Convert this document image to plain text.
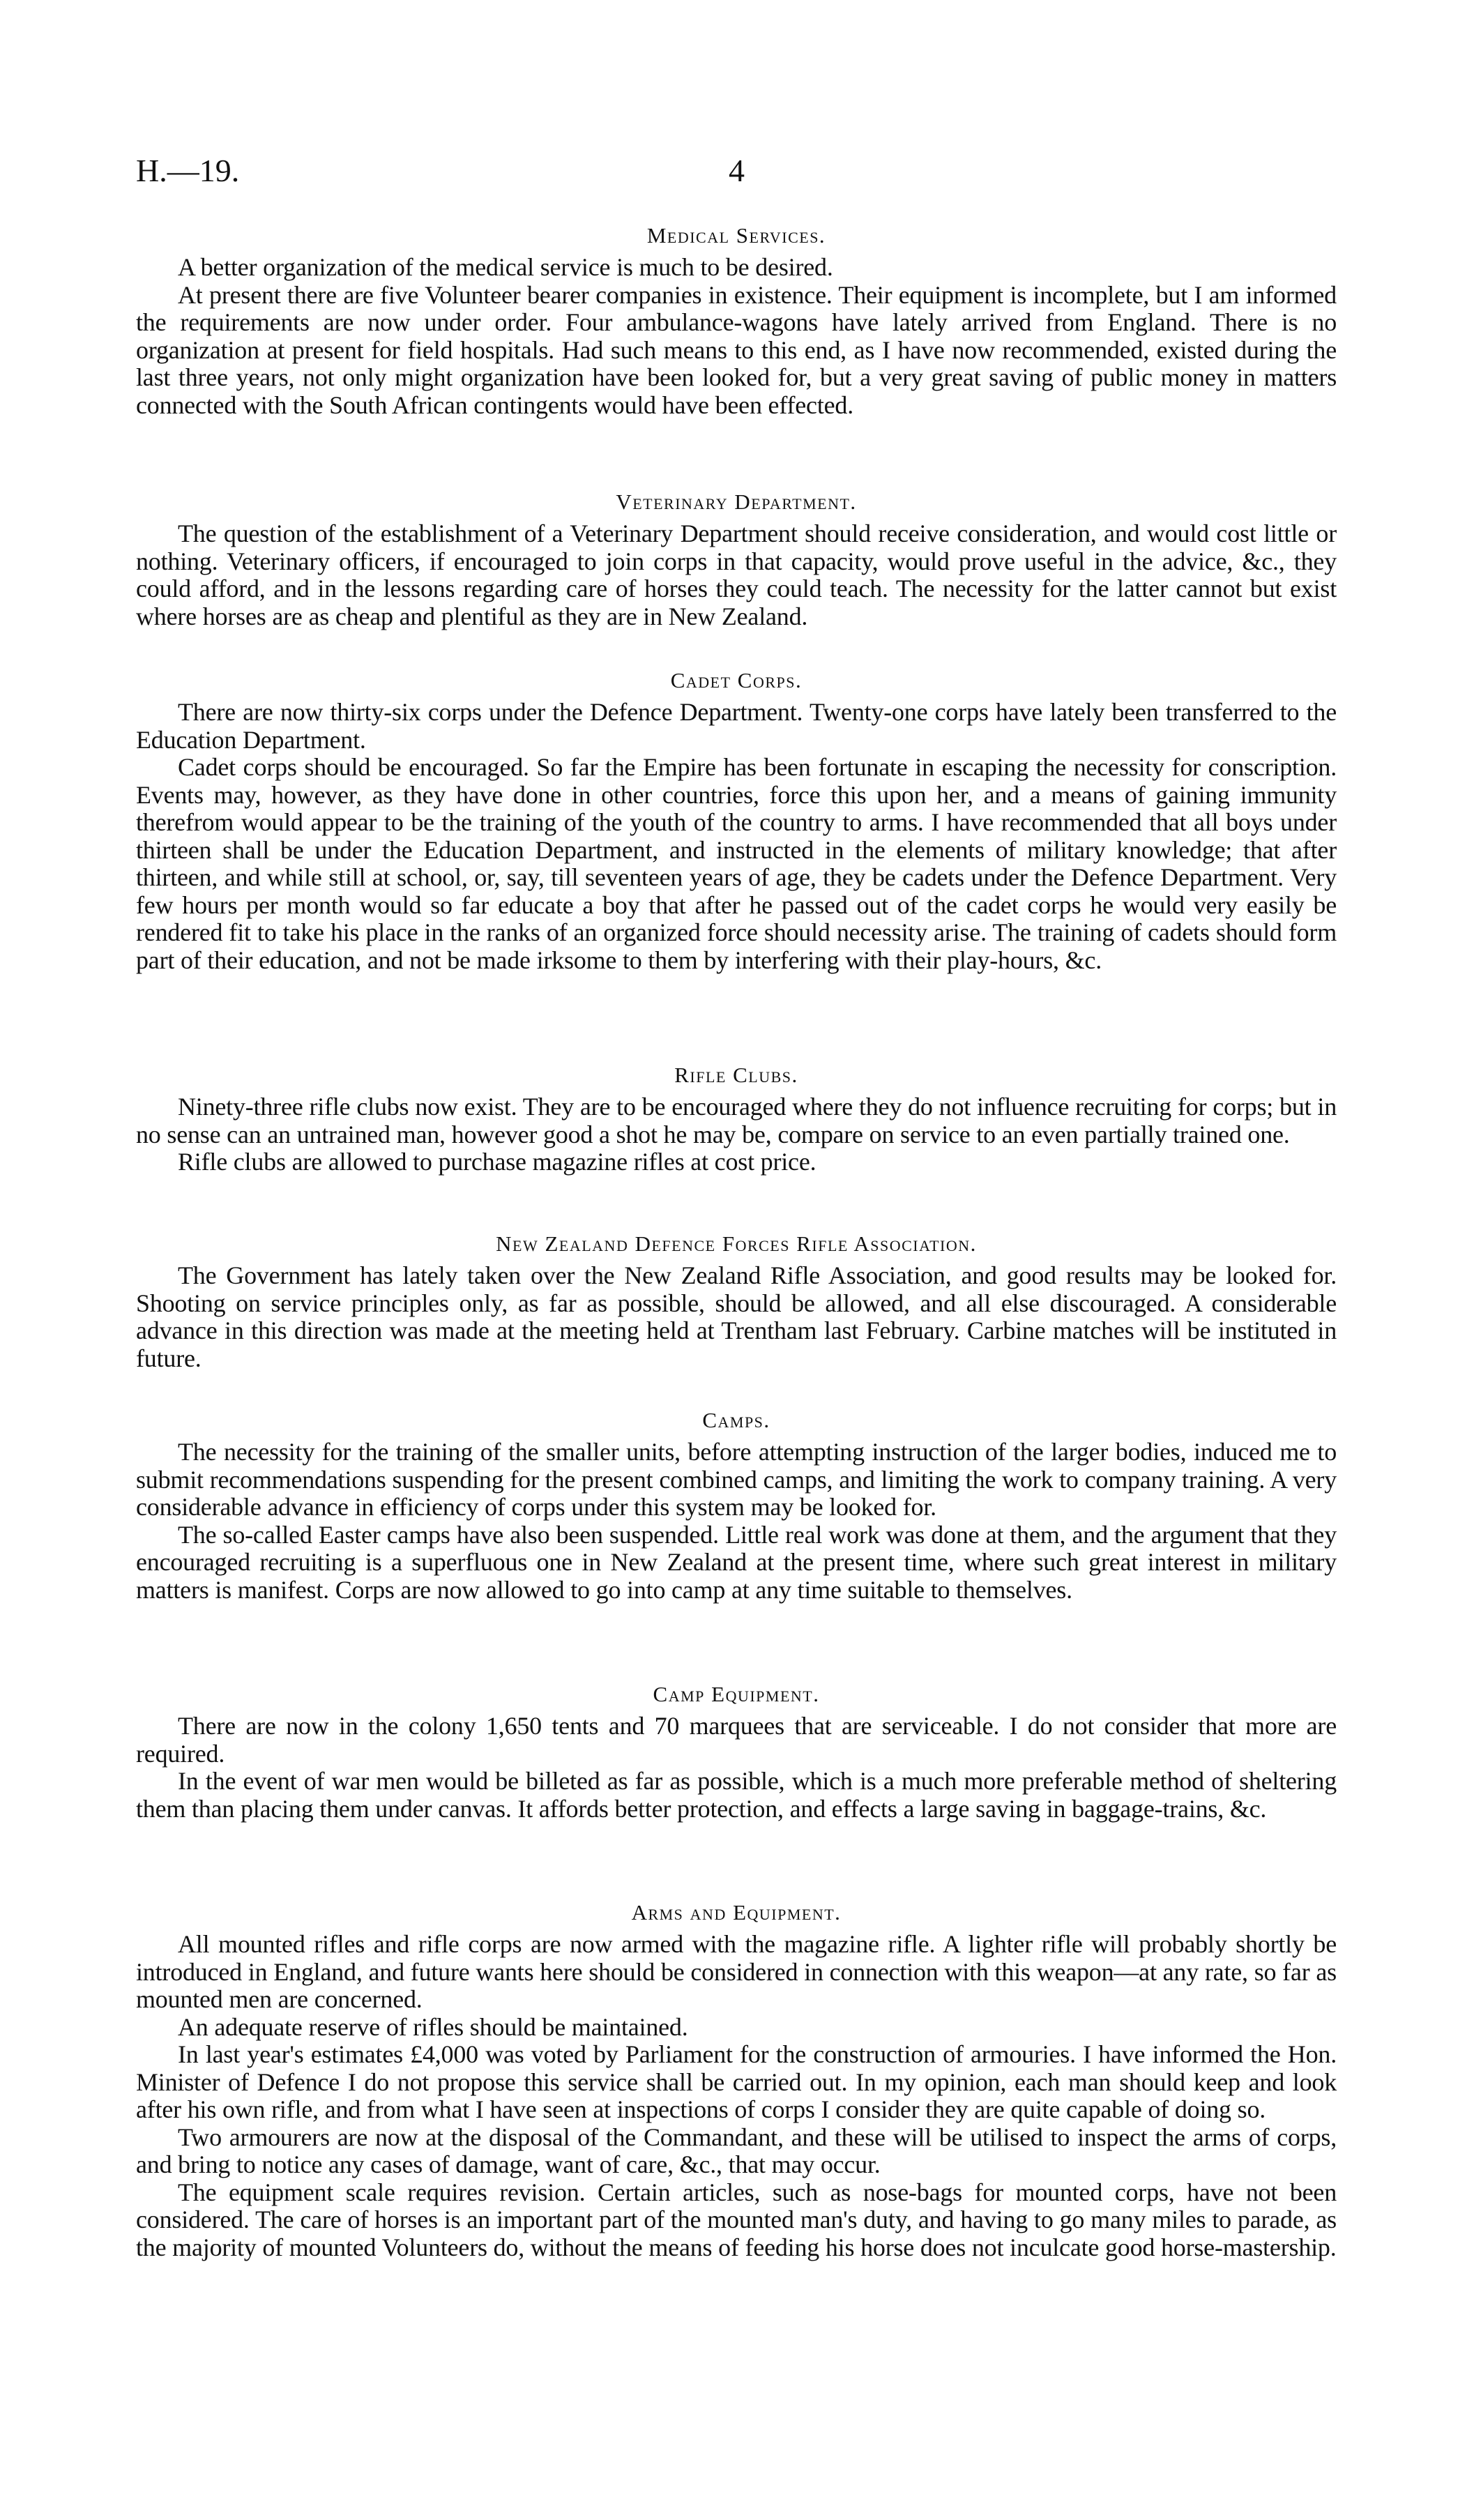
H.—19.	4
Medical Services.

A better organization of the medical service is much to be desired.

At present there are five Volunteer bearer companies in existence. Their equipment is incomplete, but I am informed the requirements are now under order. Four ambulance-wagons have lately arrived from England. There is no organization at present for field hospitals. Had such means to this end, as I have now recommended, existed during the last three years, not only might organization have been looked for, but a very great saving of public money in matters connected with the South African contingents would have been effected.

Veterinary Department.

The question of the establishment of a Veterinary Department should receive consideration, and would cost little or nothing. Veterinary officers, if encouraged to join corps in that capacity, would prove useful in the advice, &c., they could afford, and in the lessons regarding care of horses they could teach. The necessity for the latter cannot but exist where horses are as cheap and plentiful as they are in New Zealand.

Cadet Corps.

There are now thirty-six corps under the Defence Department. Twenty-one corps have lately been transferred to the Education Department.

Cadet corps should be encouraged. So far the Empire has been fortunate in escaping the necessity for conscription. Events may, however, as they have done in other countries, force this upon her, and a means of gaining immunity therefrom would appear to be the training of the youth of the country to arms. I have recommended that all boys under thirteen shall be under the Education Department, and instructed in the elements of military knowledge; that after thirteen, and while still at school, or, say, till seventeen years of age, they be cadets under the Defence Department. Very few hours per month would so far educate a boy that after he passed out of the cadet corps he would very easily be rendered fit to take his place in the ranks of an organized force should necessity arise. The training of cadets should form part of their education, and not be made irksome to them by interfering with their play-hours, &c.

Rifle Clubs.

Ninety-three rifle clubs now exist. They are to be encouraged where they do not influence recruiting for corps; but in no sense can an untrained man, however good a shot he may be, compare on service to an even partially trained one.

Rifle clubs are allowed to purchase magazine rifles at cost price.

New Zealand Defence Forces Rifle Association.

The Government has lately taken over the New Zealand Rifle Association, and good results may be looked for. Shooting on service principles only, as far as possible, should be allowed, and all else discouraged. A considerable advance in this direction was made at the meeting held at Trentham last February. Carbine matches will be instituted in future.

Camps.

The necessity for the training of the smaller units, before attempting instruction of the larger bodies, induced me to submit recommendations suspending for the present combined camps, and limiting the work to company training. A very considerable advance in efficiency of corps under this system may be looked for.

The so-called Easter camps have also been suspended. Little real work was done at them, and the argument that they encouraged recruiting is a superfluous one in New Zealand at the present time, where such great interest in military matters is manifest. Corps are now allowed to go into camp at any time suitable to themselves.

Camp Equipment.

There are now in the colony 1,650 tents and 70 marquees that are serviceable. I do not consider that more are required.

In the event of war men would be billeted as far as possible, which is a much more preferable method of sheltering them than placing them under canvas. It affords better protection, and effects a large saving in baggage-trains, &c.

Arms and Equipment.

All mounted rifles and rifle corps are now armed with the magazine rifle. A lighter rifle will probably shortly be introduced in England, and future wants here should be considered in connection with this weapon—at any rate, so far as mounted men are concerned.

An adequate reserve of rifles should be maintained.

In last year's estimates £4,000 was voted by Parliament for the construction of armouries. I have informed the Hon. Minister of Defence I do not propose this service shall be carried out. In my opinion, each man should keep and look after his own rifle, and from what I have seen at inspections of corps I consider they are quite capable of doing so.

Two armourers are now at the disposal of the Commandant, and these will be utilised to inspect the arms of corps, and bring to notice any cases of damage, want of care, &c., that may occur.

The equipment scale requires revision. Certain articles, such as nose-bags for mounted corps, have not been considered. The care of horses is an important part of the mounted man's duty, and having to go many miles to parade, as the majority of mounted Volunteers do, without the means of feeding his horse does not inculcate good horse-mastership.
